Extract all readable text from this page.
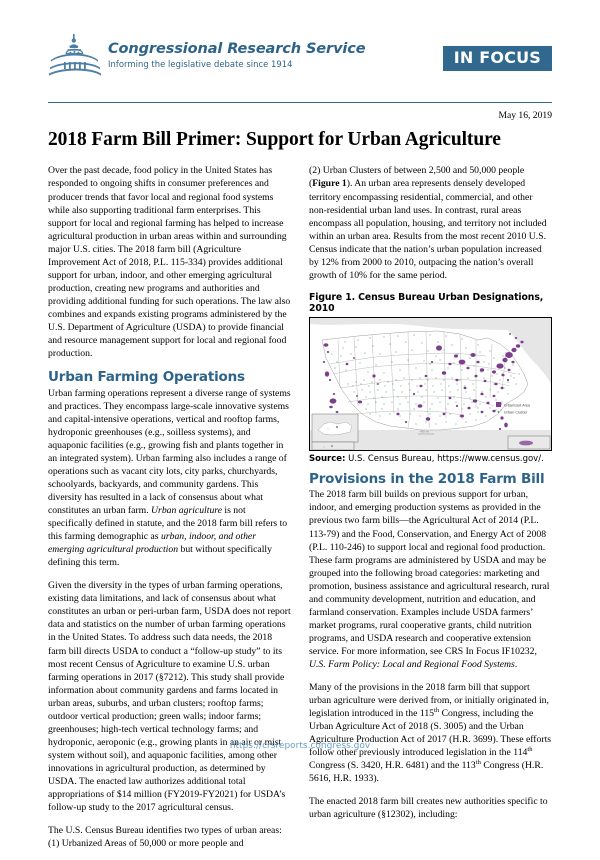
Congressional Research Service
Informing the legislative debate since 1914	IN FOCUS
May 16, 2019
2018 Farm Bill Primer: Support for Urban Agriculture

Over the past decade, food policy in the United States has responded to ongoing shifts in consumer preferences and producer trends that favor local and regional food systems while also supporting traditional farm enterprises. This support for local and regional farming has helped to increase agricultural production in urban areas within and surrounding major U.S. cities. The 2018 farm bill (Agriculture Improvement Act of 2018, P.L. 115-334) provides additional support for urban, indoor, and other emerging agricultural production, creating new programs and authorities and providing additional funding for such operations. The law also combines and expands existing programs administered by the U.S. Department of Agriculture (USDA) to provide financial and resource management support for local and regional food production.

Urban Farming Operations

Urban farming operations represent a diverse range of systems and practices. They encompass large-scale innovative systems and capital-intensive operations, vertical and rooftop farms, hydroponic greenhouses (e.g., soilless systems), and aquaponic facilities (e.g., growing fish and plants together in an integrated system). Urban farming also includes a range of operations such as vacant city lots, city parks, churchyards, schoolyards, backyards, and community gardens. This diversity has resulted in a lack of consensus about what constitutes an urban farm. Urban agriculture is not specifically defined in statute, and the 2018 farm bill refers to this farming demographic as urban, indoor, and other emerging agricultural production but without specifically defining this term.

Given the diversity in the types of urban farming operations, existing data limitations, and lack of consensus about what constitutes an urban or peri-urban farm, USDA does not report data and statistics on the number of urban farming operations in the United States. To address such data needs, the 2018 farm bill directs USDA to conduct a “follow-up study” to its most recent Census of Agriculture to examine U.S. urban farming operations in 2017 (§7212). This study shall provide information about community gardens and farms located in urban areas, suburbs, and urban clusters; rooftop farms; outdoor vertical production; green walls; indoor farms; greenhouses; high-tech vertical technology farms; and hydroponic, aeroponic (e.g., growing plants in an air or mist system without soil), and aquaponic facilities, among other innovations in agricultural production, as determined by USDA. The enacted law authorizes additional total appropriations of $14 million (FY2019-FY2021) for USDA’s follow-up study to the 2017 agricultural census.

The U.S. Census Bureau identifies two types of urban areas: (1) Urbanized Areas of 50,000 or more people and

(2) Urban Clusters of between 2,500 and 50,000 people (Figure 1). An urban area represents densely developed territory encompassing residential, commercial, and other non-residential urban land uses. In contrast, rural areas encompass all population, housing, and territory not included within an urban area. Results from the most recent 2010 U.S. Census indicate that the nation’s urban population increased by 12% from 2000 to 2010, outpacing the nation’s overall growth of 10% for the same period.

Figure 1. Census Bureau Urban Designations, 2010
Urbanized Area
Urban Cluster
400 mi
Source: U.S. Census Bureau, https://www.census.gov/.
Provisions in the 2018 Farm Bill

The 2018 farm bill builds on previous support for urban, indoor, and emerging production systems as provided in the previous two farm bills—the Agricultural Act of 2014 (P.L. 113-79) and the Food, Conservation, and Energy Act of 2008 (P.L. 110-246) to support local and regional food production. These farm programs are administered by USDA and may be grouped into the following broad categories: marketing and promotion, business assistance and agricultural research, rural and community development, nutrition and education, and farmland conservation. Examples include USDA farmers’ market programs, rural cooperative grants, child nutrition programs, and USDA research and cooperative extension service. For more information, see CRS In Focus IF10232, U.S. Farm Policy: Local and Regional Food Systems.

Many of the provisions in the 2018 farm bill that support urban agriculture were derived from, or initially originated in, legislation introduced in the 115th Congress, including the Urban Agriculture Act of 2018 (S. 3005) and the Urban Agriculture Production Act of 2017 (H.R. 3699). These efforts follow other previously introduced legislation in the 114th Congress (S. 3420, H.R. 6481) and the 113th Congress (H.R. 5616, H.R. 1933).

The enacted 2018 farm bill creates new authorities specific to urban agriculture (§12302), including:

https://crsreports.congress.gov
